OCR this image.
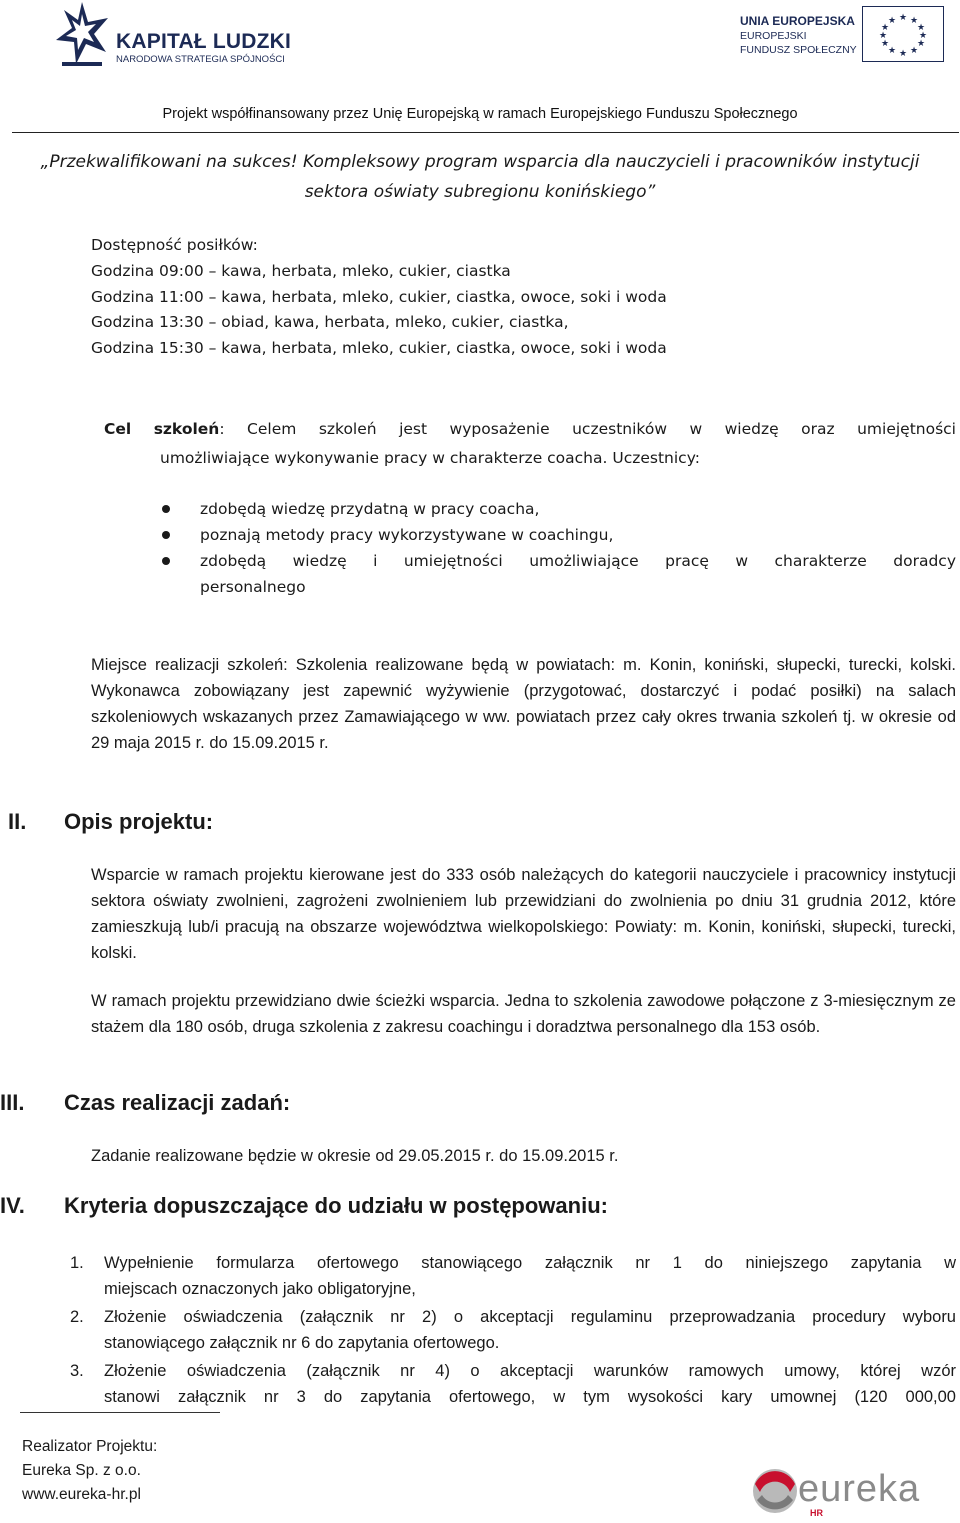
KAPITAŁ LUDZKI
NARODOWA STRATEGIA SPÓJNOŚCI
UNIA EUROPEJSKA
EUROPEJSKI
FUNDUSZ SPOŁECZNY
★ ★
★
★
★
★
★
★
★
★
★
★
Projekt współfinansowany przez Unię Europejską w ramach Europejskiego Funduszu Społecznego
„Przekwalifikowani na sukces! Kompleksowy program wsparcia dla nauczycieli i pracowników instytucji
sektora oświaty subregionu konińskiego”
Dostępność posiłków:
Godzina 09:00 – kawa, herbata, mleko, cukier, ciastka
Godzina 11:00 – kawa, herbata, mleko, cukier, ciastka, owoce, soki i woda
Godzina 13:30 – obiad, kawa, herbata, mleko, cukier, ciastka,
Godzina 15:30 – kawa, herbata, mleko, cukier, ciastka, owoce, soki i woda
Cel szkoleń: Celem szkoleń jest wyposażenie uczestników w wiedzę oraz umiejętności
umożliwiające wykonywanie pracy w charakterze coacha. Uczestnicy:
zdobędą wiedzę przydatną w pracy coacha,
poznają metody pracy wykorzystywane w coachingu,
zdobędą wiedzę i umiejętności umożliwiające pracę w charakterze doradcy
personalnego
Miejsce realizacji szkoleń: Szkolenia realizowane będą w powiatach: m. Konin, koniński, słupecki, turecki, kolski. Wykonawca zobowiązany jest zapewnić wyżywienie (przygotować, dostarczyć i podać posiłki) na salach szkoleniowych wskazanych przez Zamawiającego w ww. powiatach przez cały okres trwania szkoleń tj. w okresie od 29 maja 2015 r. do 15.09.2015 r.
II. Opis projektu:
Wsparcie w ramach projektu kierowane jest do 333 osób należących do kategorii nauczyciele i pracownicy instytucji sektora oświaty zwolnieni, zagrożeni zwolnieniem lub przewidziani do zwolnienia po dniu 31 grudnia 2012, które zamieszkują lub/i pracują na obszarze województwa wielkopolskiego: Powiaty: m. Konin, koniński, słupecki, turecki, kolski.
W ramach projektu przewidziano dwie ścieżki wsparcia. Jedna to szkolenia zawodowe połączone z 3-miesięcznym ze stażem dla 180 osób, druga szkolenia z zakresu coachingu i doradztwa personalnego dla 153 osób.
III. Czas realizacji zadań:
Zadanie realizowane będzie w okresie od 29.05.2015 r. do 15.09.2015 r.
IV. Kryteria dopuszczające do udziału w postępowaniu:
1. Wypełnienie formularza ofertowego stanowiącego załącznik nr 1 do niniejszego zapytania w
miejscach oznaczonych jako obligatoryjne,
2. Złożenie oświadczenia (załącznik nr 2) o akceptacji regulaminu przeprowadzania procedury wyboru
stanowiącego załącznik nr 6 do zapytania ofertowego.
3. Złożenie oświadczenia (załącznik nr 4) o akceptacji warunków ramowych umowy, której wzór
stanowi załącznik nr 3 do zapytania ofertowego, w tym wysokości kary umownej (120 000,00
Realizator Projektu:
Eureka Sp. z o.o.
www.eureka-hr.pl	eureka
HR
